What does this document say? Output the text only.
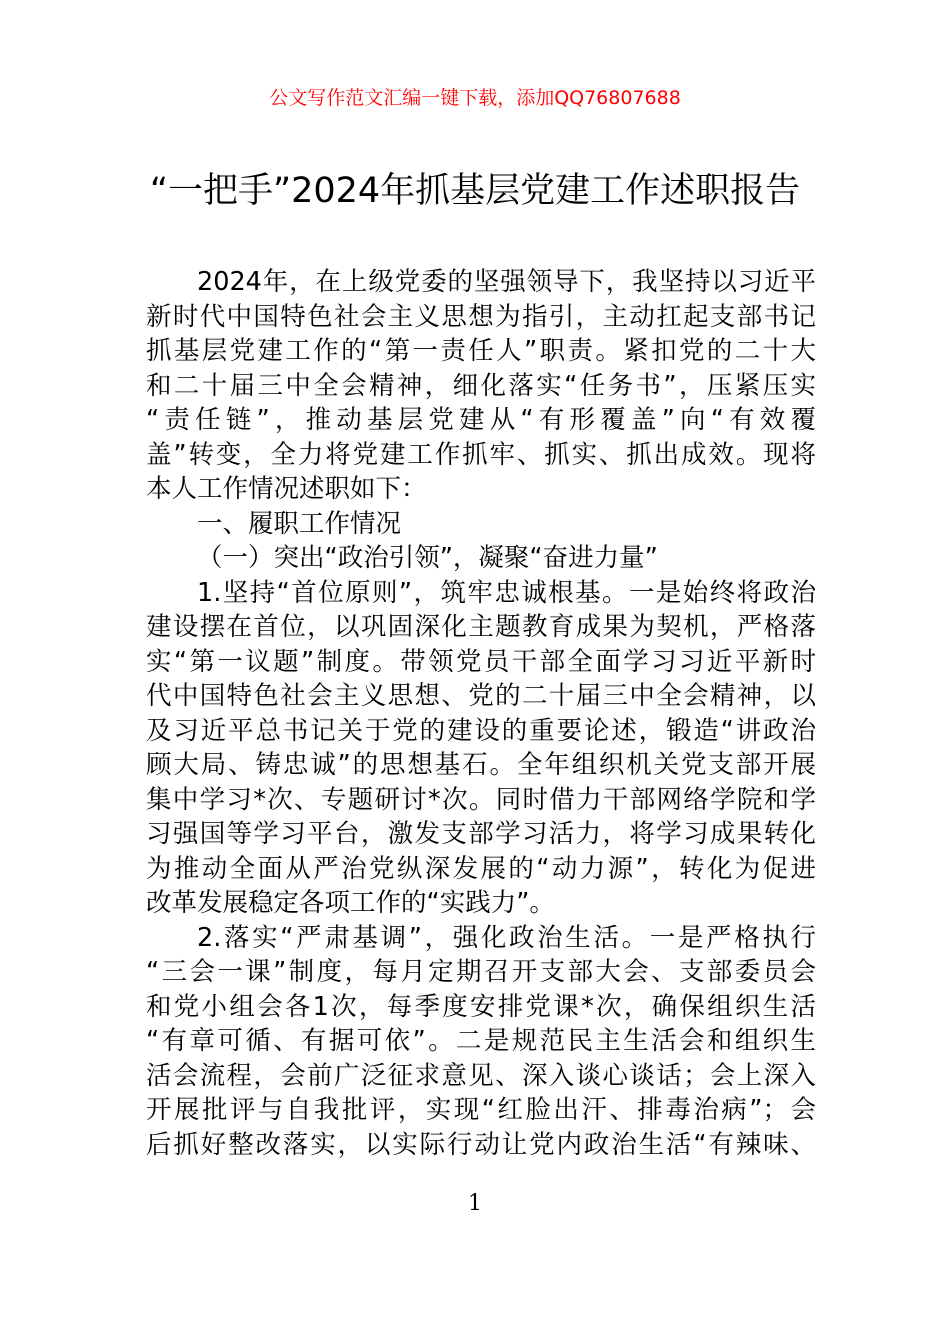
公文写作范文汇编一键下载，添加QQ76807688
“一把手”2024年抓基层党建工作述职报告
2024年，在上级党委的坚强领导下，我坚持以习近平
新时代中国特色社会主义思想为指引，主动扛起支部书记
抓基层党建工作的“第一责任人”职责。紧扣党的二十大
和二十届三中全会精神，细化落实“任务书”，压紧压实
“责任链”，推动基层党建从“有形覆盖”向“有效覆
盖”转变，全力将党建工作抓牢、抓实、抓出成效。现将
本人工作情况述职如下：
一、履职工作情况
（一）突出“政治引领”，凝聚“奋进力量”
1.坚持“首位原则”，筑牢忠诚根基。一是始终将政治
建设摆在首位，以巩固深化主题教育成果为契机，严格落
实“第一议题”制度。带领党员干部全面学习习近平新时
代中国特色社会主义思想、党的二十届三中全会精神，以
及习近平总书记关于党的建设的重要论述，锻造“讲政治
顾大局、铸忠诚”的思想基石。全年组织机关党支部开展
集中学习*次、专题研讨*次。同时借力干部网络学院和学
习强国等学习平台，激发支部学习活力，将学习成果转化
为推动全面从严治党纵深发展的“动力源”，转化为促进
改革发展稳定各项工作的“实践力”。
2.落实“严肃基调”，强化政治生活。一是严格执行
“三会一课”制度，每月定期召开支部大会、支部委员会
和党小组会各1次，每季度安排党课*次，确保组织生活
“有章可循、有据可依”。二是规范民主生活会和组织生
活会流程，会前广泛征求意见、深入谈心谈话；会上深入
开展批评与自我批评，实现“红脸出汗、排毒治病”；会
后抓好整改落实，以实际行动让党内政治生活“有辣味、
1
